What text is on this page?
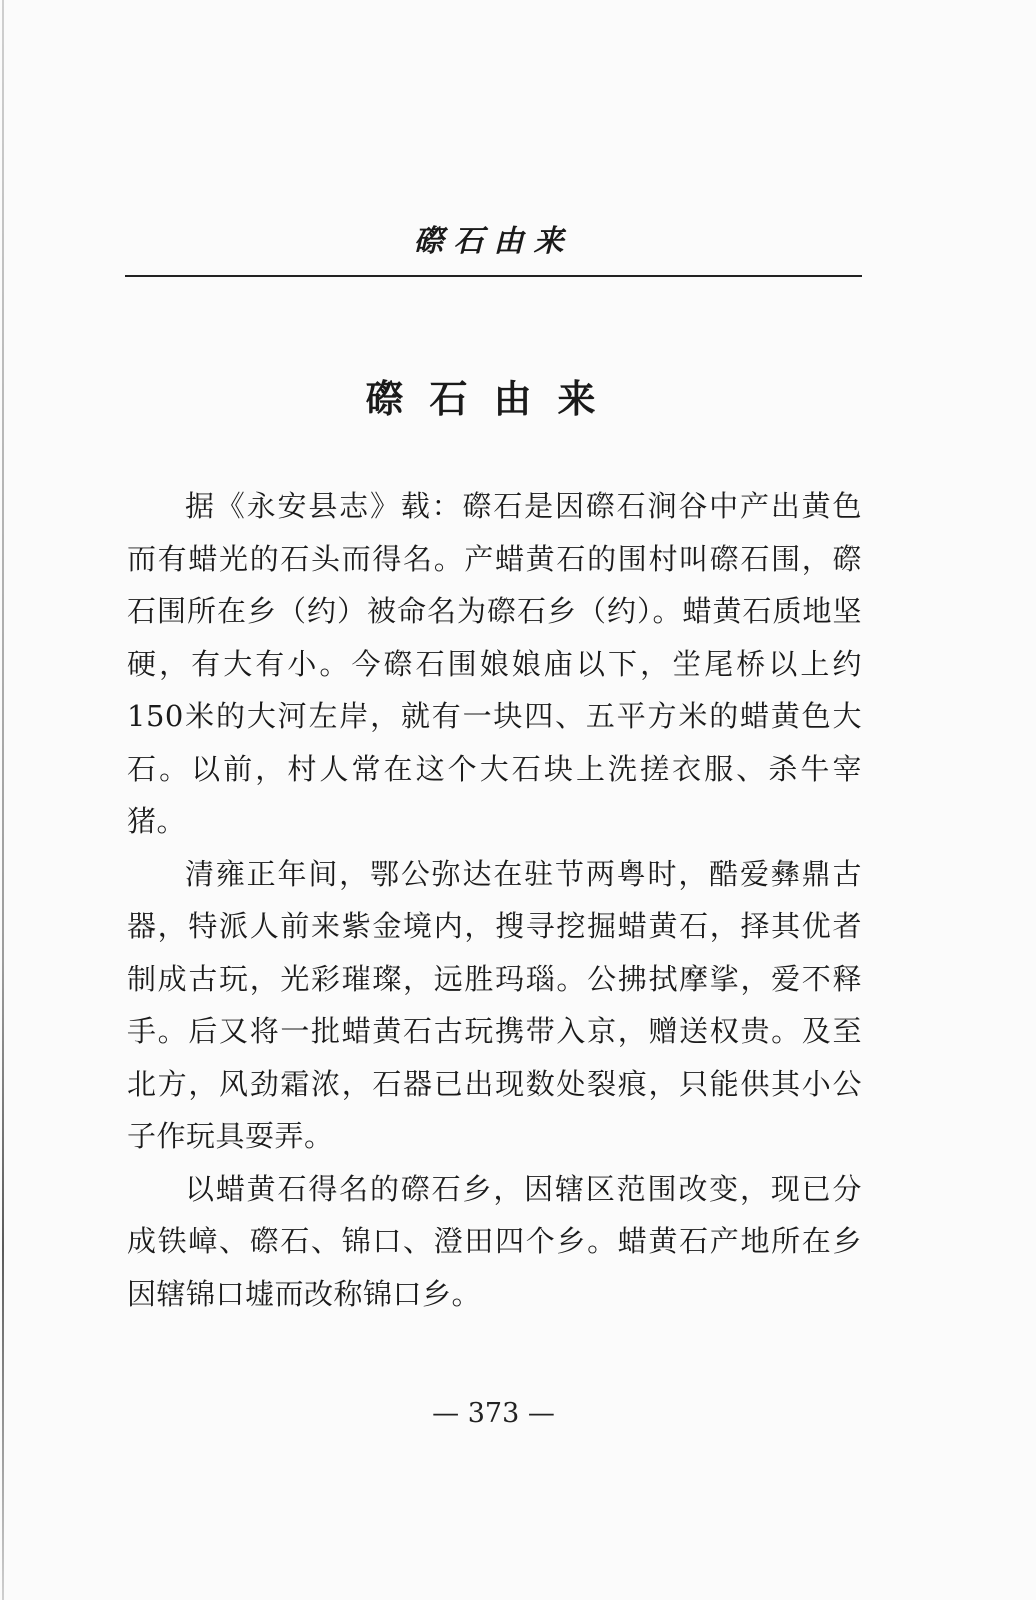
磜石由来
磜石由来

据《永安县志》载：磜石是因磜石涧谷中产出黄色而有蜡光的石头而得名。产蜡黄石的围村叫磜石围，磜石围所在乡（约）被命名为磜石乡（约）。蜡黄石质地坚硬，有大有小。今磜石围娘娘庙以下，坣尾桥以上约150米的大河左岸，就有一块四、五平方米的蜡黄色大石。以前，村人常在这个大石块上洗搓衣服、杀牛宰猪。

清雍正年间，鄂公弥达在驻节两粤时，酷爱彝鼎古器，特派人前来紫金境内，搜寻挖掘蜡黄石，择其优者制成古玩，光彩璀璨，远胜玛瑙。公拂拭摩挲，爱不释手。后又将一批蜡黄石古玩携带入京，赠送权贵。及至北方，风劲霜浓，石器已出现数处裂痕，只能供其小公子作玩具耍弄。

以蜡黄石得名的磜石乡，因辖区范围改变，现已分成铁嶂、磜石、锦口、澄田四个乡。蜡黄石产地所在乡因辖锦口墟而改称锦口乡。

— 373 —
